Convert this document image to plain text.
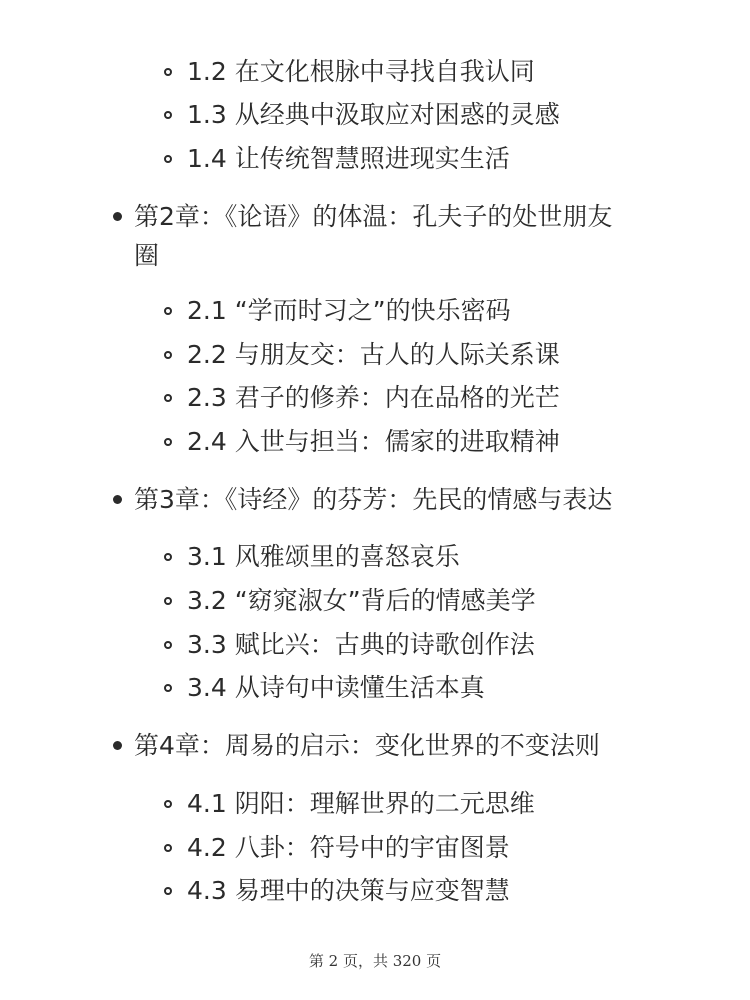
1.2 在文化根脉中寻找自我认同
1.3 从经典中汲取应对困惑的灵感
1.4 让传统智慧照进现实生活
第2章：《论语》的体温：孔夫子的处世朋友
圈
2.1 “学而时习之”的快乐密码
2.2 与朋友交：古人的人际关系课
2.3 君子的修养：内在品格的光芒
2.4 入世与担当：儒家的进取精神
第3章：《诗经》的芬芳：先民的情感与表达
3.1 风雅颂里的喜怒哀乐
3.2 “窈窕淑女”背后的情感美学
3.3 赋比兴：古典的诗歌创作法
3.4 从诗句中读懂生活本真
第4章：周易的启示：变化世界的不变法则
4.1 阴阳：理解世界的二元思维
4.2 八卦：符号中的宇宙图景
4.3 易理中的决策与应变智慧
第 2 页，共 320 页
